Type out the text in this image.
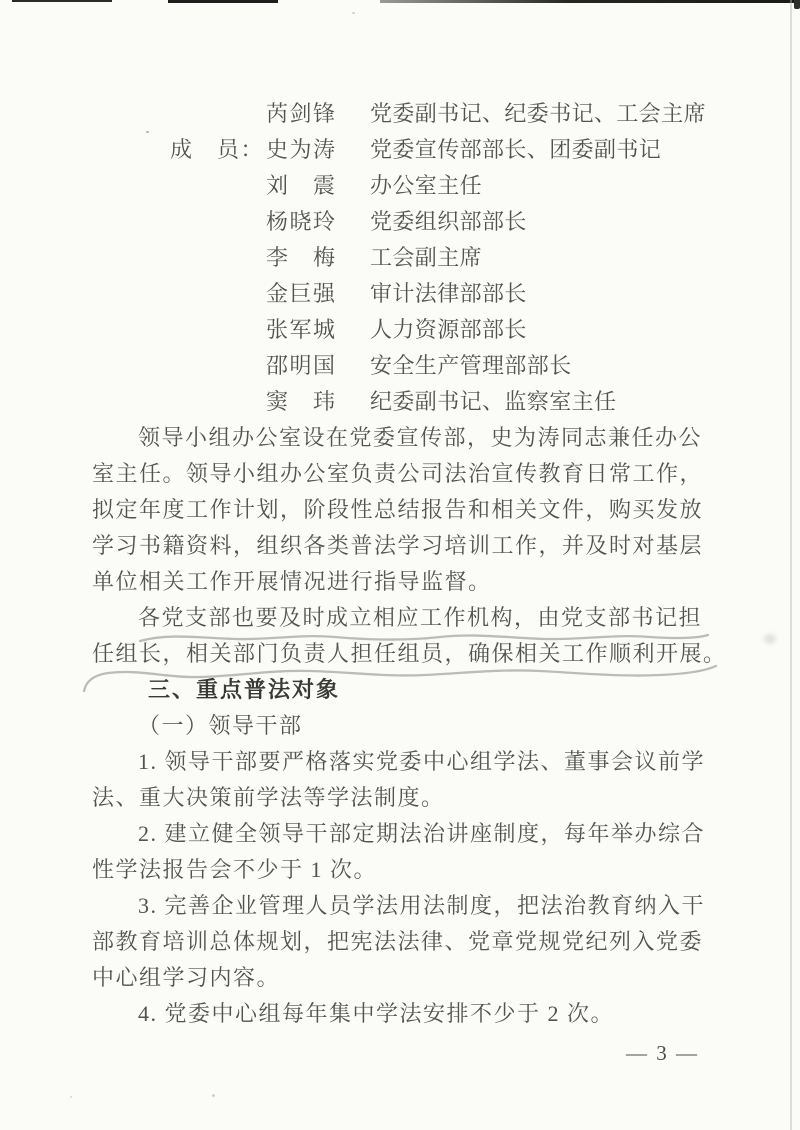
芮剑锋	党委副书记、纪委书记、工会主席
成　员： 史为涛	党委宣传部部长、团委副书记
刘　震	办公室主任
杨晓玲	党委组织部部长
李　梅	工会副主席
金巨强	审计法律部部长
张军城	人力资源部部长
邵明国	安全生产管理部部长
窦　玮	纪委副书记、监察室主任
领导小组办公室设在党委宣传部，史为涛同志兼任办公
室主任。领导小组办公室负责公司法治宣传教育日常工作，
拟定年度工作计划，阶段性总结报告和相关文件，购买发放
学习书籍资料，组织各类普法学习培训工作，并及时对基层
单位相关工作开展情况进行指导监督。
各党支部也要及时成立相应工作机构，由党支部书记担
任组长，相关部门负责人担任组员，确保相关工作顺利开展。
三、重点普法对象
（一）领导干部
1. 领导干部要严格落实党委中心组学法、董事会议前学
法、重大决策前学法等学法制度。
2. 建立健全领导干部定期法治讲座制度，每年举办综合
性学法报告会不少于 1 次。
3. 完善企业管理人员学法用法制度，把法治教育纳入干
部教育培训总体规划，把宪法法律、党章党规党纪列入党委
中心组学习内容。
4. 党委中心组每年集中学法安排不少于 2 次。
— 3 —
